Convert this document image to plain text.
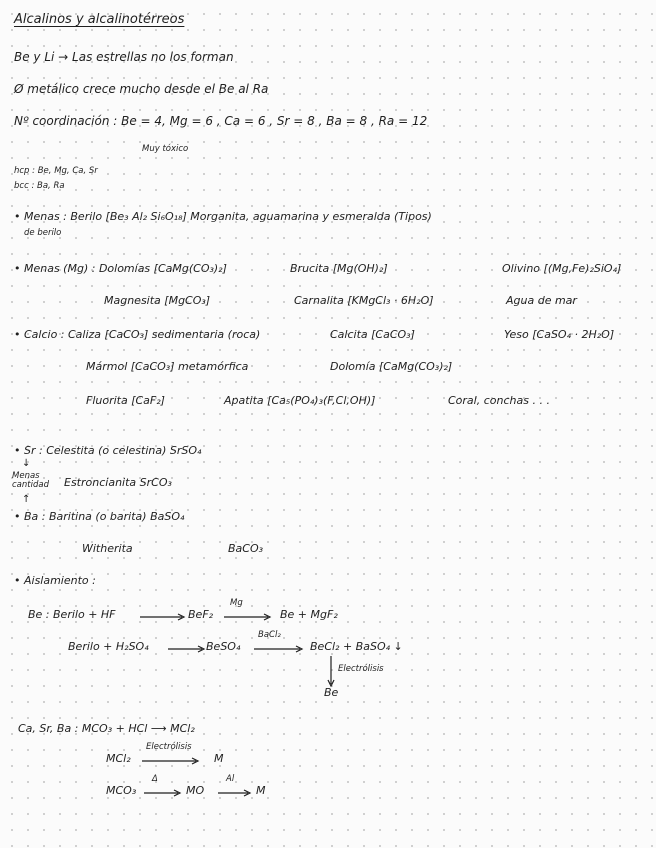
Alcalinos y alcalinotérreos
Be y Li → Las estrellas no los forman
Ø metálico crece mucho desde el Be al Ra
Nº coordinación : Be = 4, Mg = 6 , Ca = 6 , Sr = 8 , Ba = 8 , Ra = 12
Muy tóxico
hcp : Be, Mg, Ca, Sr
bcc : Ba, Ra
• Menas : Berilo [Be₃ Al₂ Si₆O₁₈] Morganita, aguamarina y esmeralda (Tipos)
de berilo
• Menas (Mg) : Dolomías [CaMg(CO₃)₂]	Brucita [Mg(OH)₂]	Olivino [(Mg,Fe)₂SiO₄]
Magnesita [MgCO₃]	Carnalita [KMgCl₃ · 6H₂O]	Agua de mar
• Calcio : Caliza [CaCO₃] sedimentaria (roca)	Calcita [CaCO₃]	Yeso [CaSO₄ · 2H₂O]
Mármol [CaCO₃] metamórfica	Dolomía [CaMg(CO₃)₂]
Fluorita [CaF₂]	Apatita [Ca₅(PO₄)₃(F,Cl,OH)]	Coral, conchas . . .
• Sr : Celestita (o celestina) SrSO₄
↓
Menas cantidad	Estroncianita SrCO₃
↑
• Ba : Baritina (o barita) BaSO₄
Witherita	BaCO₃
• Aislamiento :
Be : Berilo + HF → BeF₂
Mg
→ Be + MgF₂
Berilo + H₂SO₄ → BeSO₄
BaCl₂
→ BeCl₂ + BaSO₄ ↓
Electrólisis
Be
Ca, Sr, Ba : MCO₃ + HCl ⟶ MCl₂
MCl₂
Electrólisis
→ M
MCO₃
Δ
→ MO
Al
→ M
